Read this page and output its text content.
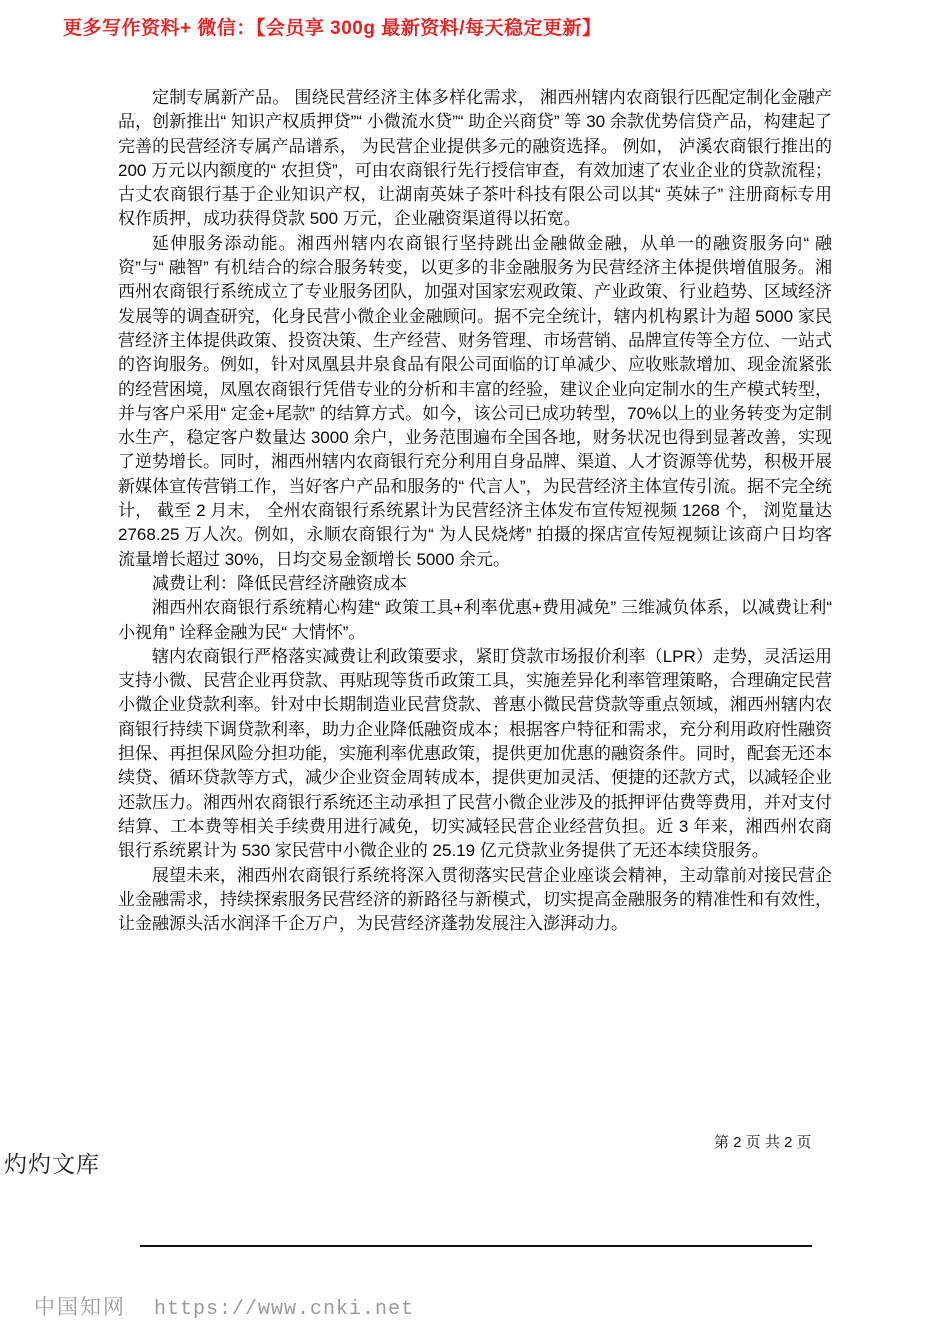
更多写作资料+ 微信：【会员享 300g 最新资料/每天稳定更新】

定制专属新产品。 围绕民营经济主体多样化需求， 湘西州辖内农商银行匹配定制化金融产品，创新推出“ 知识产权质押贷”“ 小微流水贷”“ 助企兴商贷” 等 30 余款优势信贷产品，构建起了完善的民营经济专属产品谱系， 为民营企业提供多元的融资选择。 例如， 泸溪农商银行推出的 200 万元以内额度的“ 农担贷”，可由农商银行先行授信审查，有效加速了农业企业的贷款流程；古丈农商银行基于企业知识产权，让湖南英妹子茶叶科技有限公司以其“ 英妹子” 注册商标专用权作质押，成功获得贷款 500 万元，企业融资渠道得以拓宽。

延伸服务添动能。湘西州辖内农商银行坚持跳出金融做金融，从单一的融资服务向“ 融资”与“ 融智” 有机结合的综合服务转变，以更多的非金融服务为民营经济主体提供增值服务。湘西州农商银行系统成立了专业服务团队，加强对国家宏观政策、产业政策、行业趋势、区域经济发展等的调查研究，化身民营小微企业金融顾问。据不完全统计，辖内机构累计为超 5000 家民营经济主体提供政策、投资决策、生产经营、财务管理、市场营销、品牌宣传等全方位、一站式的咨询服务。例如，针对凤凰县井泉食品有限公司面临的订单减少、应收账款增加、现金流紧张的经营困境，凤凰农商银行凭借专业的分析和丰富的经验，建议企业向定制水的生产模式转型，并与客户采用“ 定金+尾款” 的结算方式。如今，该公司已成功转型，70%以上的业务转变为定制水生产，稳定客户数量达 3000 余户，业务范围遍布全国各地，财务状况也得到显著改善，实现了逆势增长。同时，湘西州辖内农商银行充分利用自身品牌、渠道、人才资源等优势，积极开展新媒体宣传营销工作，当好客户产品和服务的“ 代言人”，为民营经济主体宣传引流。据不完全统计， 截至 2 月末， 全州农商银行系统累计为民营经济主体发布宣传短视频 1268 个， 浏览量达 2768.25 万人次。例如，永顺农商银行为“ 为人民烧烤” 拍摄的探店宣传短视频让该商户日均客流量增长超过 30%，日均交易金额增长 5000 余元。

减费让利：降低民营经济融资成本

湘西州农商银行系统精心构建“ 政策工具+利率优惠+费用减免” 三维减负体系，以减费让利“ 小视角” 诠释金融为民“ 大情怀”。

辖内农商银行严格落实减费让利政策要求，紧盯贷款市场报价利率（LPR）走势，灵活运用支持小微、民营企业再贷款、再贴现等货币政策工具，实施差异化利率管理策略，合理确定民营小微企业贷款利率。针对中长期制造业民营贷款、普惠小微民营贷款等重点领域，湘西州辖内农商银行持续下调贷款利率，助力企业降低融资成本；根据客户特征和需求，充分利用政府性融资担保、再担保风险分担功能，实施利率优惠政策，提供更加优惠的融资条件。同时，配套无还本续贷、循环贷款等方式，减少企业资金周转成本，提供更加灵活、便捷的还款方式，以减轻企业还款压力。湘西州农商银行系统还主动承担了民营小微企业涉及的抵押评估费等费用，并对支付结算、工本费等相关手续费用进行减免，切实减轻民营企业经营负担。近 3 年来，湘西州农商银行系统累计为 530 家民营中小微企业的 25.19 亿元贷款业务提供了无还本续贷服务。

展望未来，湘西州农商银行系统将深入贯彻落实民营企业座谈会精神，主动靠前对接民营企业金融需求，持续探索服务民营经济的新路径与新模式，切实提高金融服务的精准性和有效性，让金融源头活水润泽千企万户，为民营经济蓬勃发展注入澎湃动力。

第 2 页 共 2 页
灼灼文库
中国知网 https://www.cnki.net
